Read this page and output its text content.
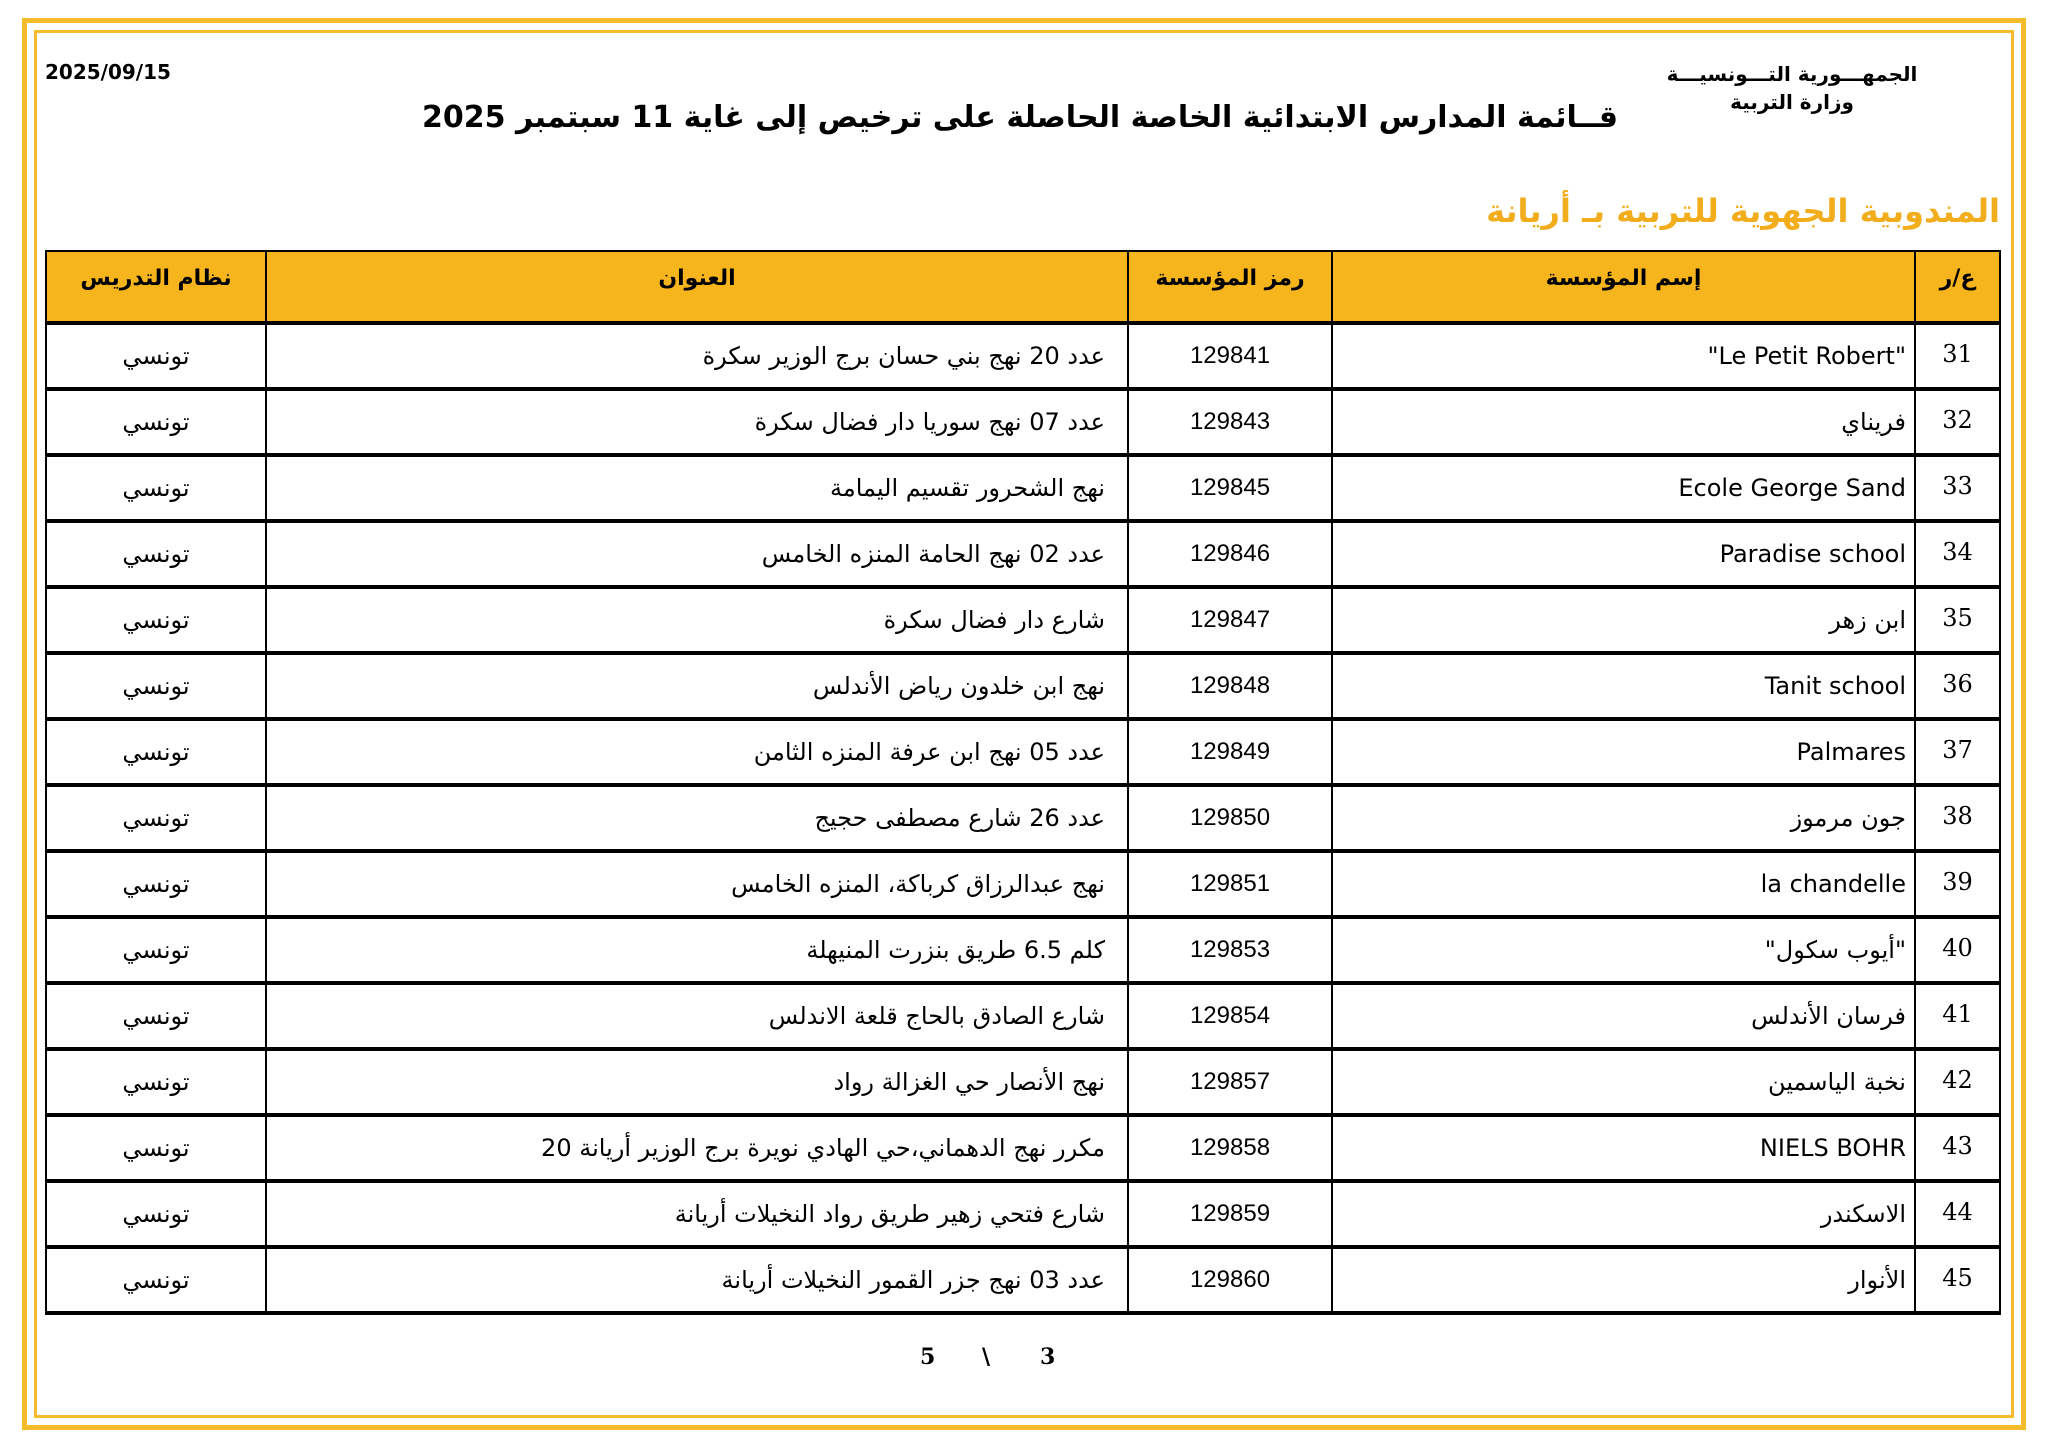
2025/09/15	الجمهـــورية التـــونسيـــة
وزارة التربية
قــائمة المدارس الابتدائية الخاصة الحاصلة على ترخيص إلى غاية 11 سبتمبر 2025
المندوبية الجهوية للتربية بـ أريانة
ع/ر	إسم المؤسسة	رمز المؤسسة	العنوان	نظام التدريس
31	"Le Petit Robert"	129841	عدد 20 نهج بني حسان برج الوزير سكرة	تونسي
32	فريناي	129843	عدد 07 نهج سوريا دار فضال سكرة	تونسي
33	Ecole George Sand	129845	نهج الشحرور تقسيم اليمامة	تونسي
34	Paradise school	129846	عدد 02 نهج الحامة المنزه الخامس	تونسي
35	ابن زهر	129847	شارع دار فضال سكرة	تونسي
36	Tanit school	129848	نهج ابن خلدون رياض الأندلس	تونسي
37	Palmares	129849	عدد 05 نهج ابن عرفة المنزه الثامن	تونسي
38	جون مرموز	129850	عدد 26 شارع مصطفى حجيج	تونسي
39	la chandelle	129851	نهج عبدالرزاق كرباكة، المنزه الخامس	تونسي
40	"أيوب سكول"	129853	كلم 6.5 طريق بنزرت المنيهلة	تونسي
41	فرسان الأندلس	129854	شارع الصادق بالحاج قلعة الاندلس	تونسي
42	نخبة الياسمين	129857	نهج الأنصار حي الغزالة رواد	تونسي
43	NIELS BOHR	129858	مكرر نهج الدهماني،حي الهادي نويرة برج الوزير أريانة 20	تونسي
44	الاسكندر	129859	شارع فتحي زهير طريق رواد النخيلات أريانة	تونسي
45	الأنوار	129860	عدد 03 نهج جزر القمور النخيلات أريانة	تونسي
3
\
5
